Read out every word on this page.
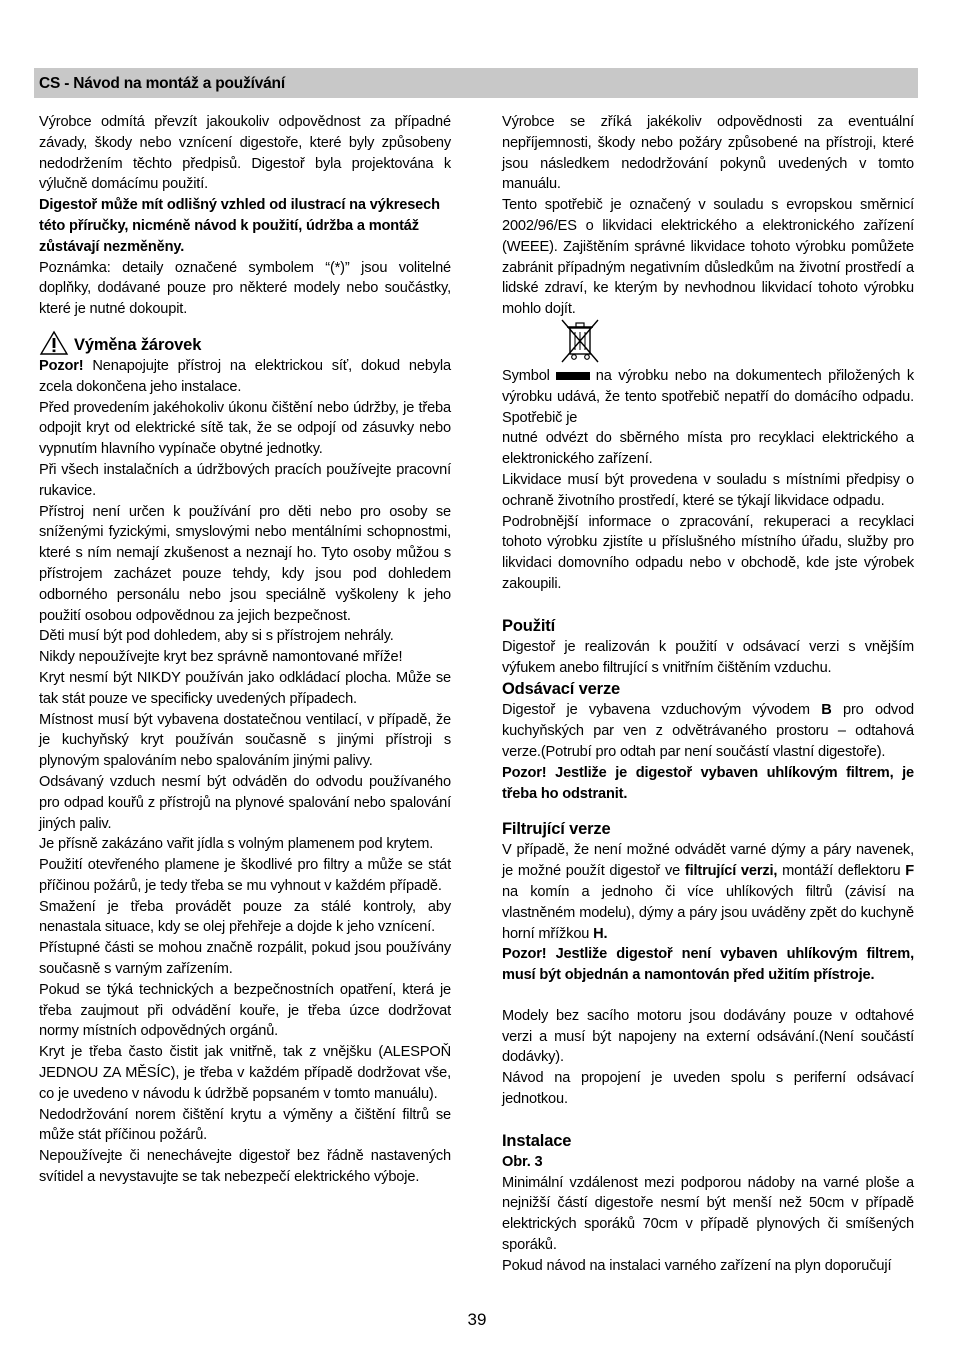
CS - Návod na montáž a používání

Výrobce odmítá převzít jakoukoliv odpovědnost za případné závady, škody nebo vznícení digestoře, které byly způsobeny nedodržením těchto předpisů. Digestoř byla projektována k výlučně domácímu použití.

Digestoř může mít odlišný vzhled od ilustrací na výkresech této příručky, nicméně návod k použití, údržba a montáž zůstávají nezměněny.

Poznámka: detaily označené symbolem “(*)” jsou volitelné doplňky, dodávané pouze pro některé modely nebo součástky, které je nutné dokoupit.

Výměna žárovek

Pozor! Nenapojujte přístroj na elektrickou síť, dokud nebyla zcela dokončena jeho instalace.

Před provedením jakéhokoliv úkonu čištění nebo údržby, je třeba odpojit kryt od elektrické sítě tak, že se odpojí od zásuvky nebo vypnutím hlavního vypínače obytné jednotky.

Při všech instalačních a údržbových pracích používejte pracovní rukavice.

Přístroj není určen k používání pro děti nebo pro osoby se sníženými fyzickými, smyslovými nebo mentálními schopnostmi, které s ním nemají zkušenost a neznají ho. Tyto osoby můžou s přístrojem zacházet pouze tehdy, kdy jsou pod dohledem odborného personálu nebo jsou speciálně vyškoleny k jeho použití osobou odpovědnou za jejich bezpečnost.

Děti musí být pod dohledem, aby si s přístrojem nehrály.

Nikdy nepoužívejte kryt bez správně namontované mříže!

Kryt nesmí být NIKDY používán jako odkládací plocha. Může se tak stát pouze ve specificky uvedených případech.

Místnost musí být vybavena dostatečnou ventilací, v případě, že je kuchyňský kryt používán současně s jinými přístroji s plynovým spalováním nebo spalováním jinými palivy.

Odsávaný vzduch nesmí být odváděn do odvodu používaného pro odpad kouřů z přístrojů na plynové spalování nebo spalování jiných paliv.

Je přísně zakázáno vařit jídla s volným plamenem pod krytem.

Použití otevřeného plamene je škodlivé pro filtry a může se stát příčinou požárů, je tedy třeba se mu vyhnout v každém případě.

Smažení je třeba provádět pouze za stálé kontroly, aby nenastala situace, kdy se olej přehřeje a dojde k jeho vznícení.

Přístupné části se mohou značně rozpálit, pokud jsou používány současně s varným zařízením.

Pokud se týká technických a bezpečnostních opatření, která je třeba zaujmout při odvádění kouře, je třeba úzce dodržovat normy místních odpovědných orgánů.

Kryt je třeba často čistit jak vnitřně, tak z vnějšku (ALESPOŇ JEDNOU ZA MĚSÍC), je třeba v každém případě dodržovat vše, co je uvedeno v návodu k údržbě popsaném v tomto manuálu).

Nedodržování norem čištění krytu a výměny a čištění filtrů se může stát příčinou požárů.

Nepoužívejte či nenechávejte digestoř bez řádně nastavených svítidel a nevystavujte se tak nebezpečí elektrického výboje.

Výrobce se zříká jakékoliv odpovědnosti za eventuální nepříjemnosti, škody nebo požáry způsobené na přístroji, které jsou následkem nedodržování pokynů uvedených v tomto manuálu.

Tento spotřebič je označený v souladu s evropskou směrnicí 2002/96/ES o likvidaci elektrického a elektronického zařízení (WEEE). Zajištěním správné likvidace tohoto výrobku pomůžete zabránit případným negativním důsledkům na životní prostředí a lidské zdraví, ke kterým by nevhodnou likvidací tohoto výrobku mohlo dojít.

Symbol	na výrobku nebo na dokumentech přiložených k výrobku udává, že tento spotřebič nepatří do domácího odpadu. Spotřebič je

nutné odvézt do sběrného místa pro recyklaci elektrického a elektronického zařízení.

Likvidace musí být provedena v souladu s místními předpisy o ochraně životního prostředí, které se týkají likvidace odpadu.

Podrobnější informace o zpracování, rekuperaci a recyklaci tohoto výrobku zjistíte u příslušného místního úřadu, služby pro likvidaci domovního odpadu nebo v obchodě, kde jste výrobek zakoupili.

Použití

Digestoř je realizován k použití v odsávací verzi s vnějším výfukem anebo filtrující s vnitřním čištěním vzduchu.

Odsávací verze

Digestoř je vybavena vzduchovým vývodem B pro odvod kuchyňských par ven z odvětrávaného prostoru – odtahová verze.(Potrubí pro odtah par není součástí vlastní digestoře).

Pozor! Jestliže je digestoř vybaven uhlíkovým filtrem, je třeba ho odstranit.

Filtrující verze

V případě, že není možné odvádět varné dýmy a páry navenek, je možné použít digestoř ve filtrující verzi, montáží deflektoru F na komín a jednoho či více uhlíkových filtrů (závisí na vlastněném modelu), dýmy a páry jsou uváděny zpět do kuchyně horní mřížkou H.

Pozor! Jestliže digestoř není vybaven uhlíkovým filtrem, musí být objednán a namontován před užitím přístroje.

Modely bez sacího motoru jsou dodávány pouze v odtahové verzi a musí být napojeny na externí odsávání.(Není součástí dodávky).

Návod na propojení je uveden spolu s periferní odsávací jednotkou.

Instalace

Obr. 3

Minimální vzdálenost mezi podporou nádoby na varné ploše a nejnižší částí digestoře nesmí být menší než 50cm v případě elektrických sporáků 70cm v případě plynových či smíšených sporáků.

Pokud návod na instalaci varného zařízení na plyn doporučují

39
